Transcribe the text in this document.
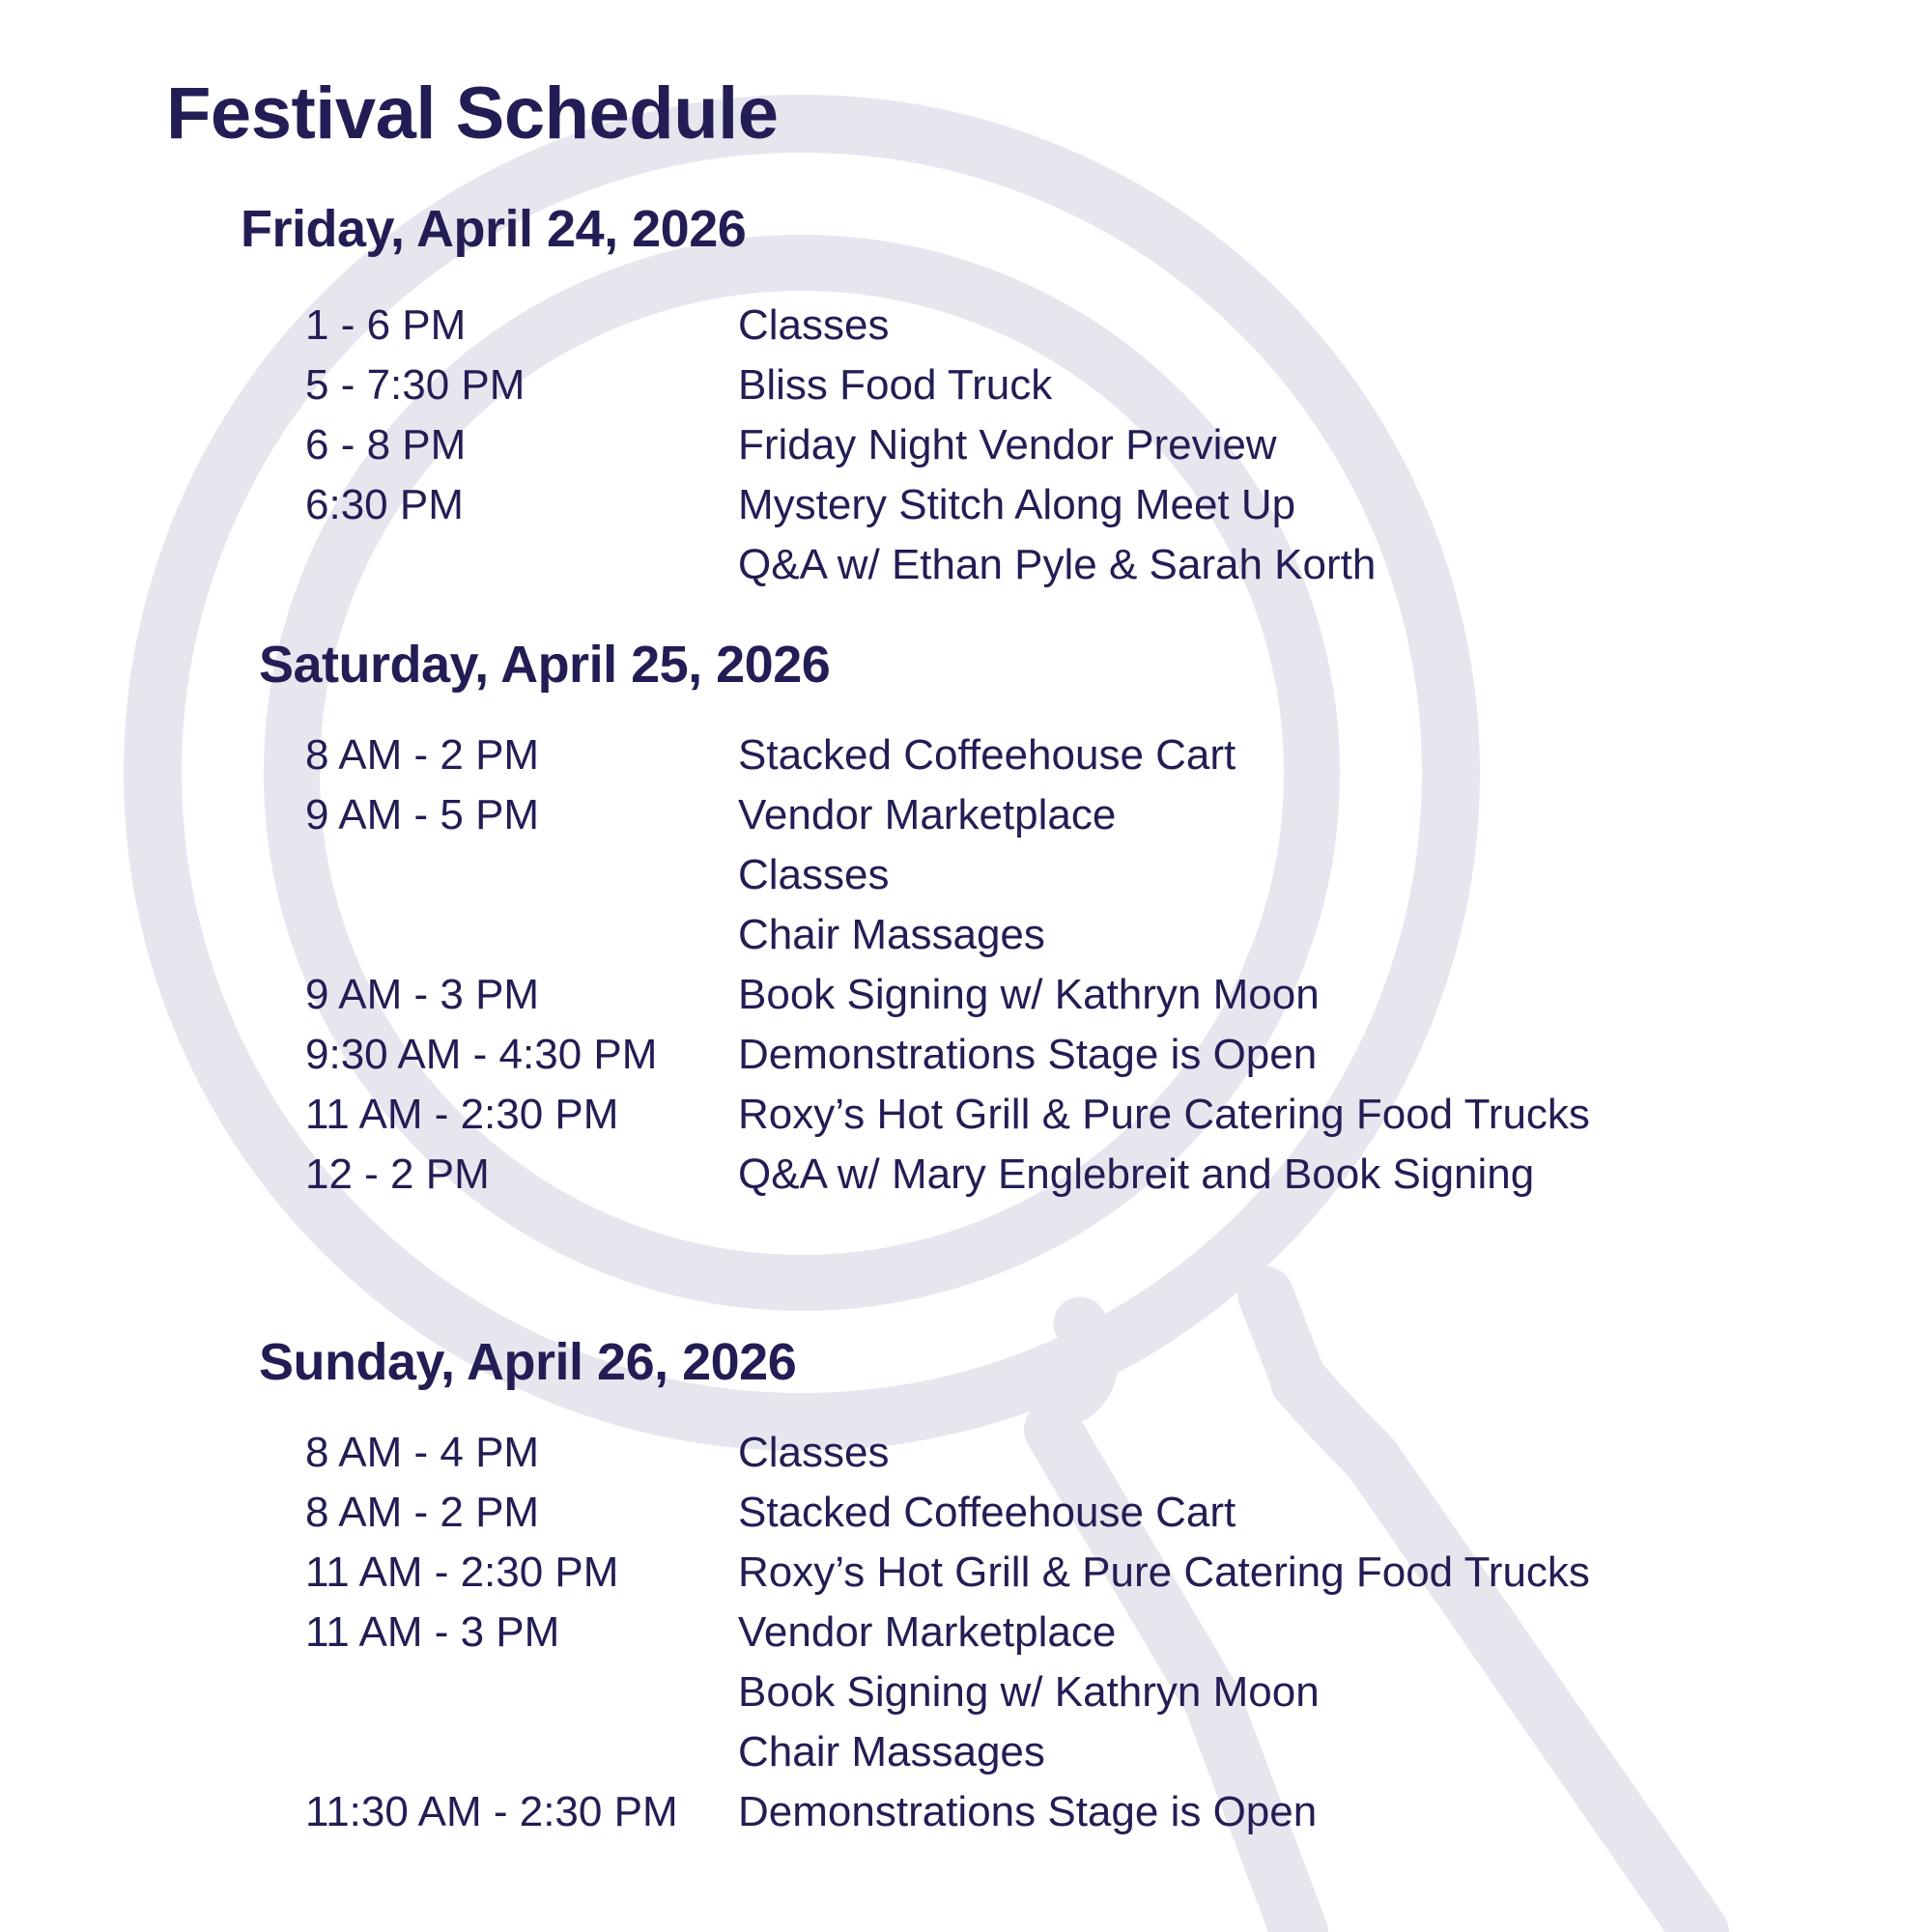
Festival Schedule
Friday, April 24, 2026
1 - 6 PM	Classes
5 - 7:30 PM	Bliss Food Truck
6 - 8 PM	Friday Night Vendor Preview
6:30 PM	Mystery Stitch Along Meet Up
Q&A w/ Ethan Pyle & Sarah Korth
Saturday, April 25, 2026
8 AM - 2 PM	Stacked Coffeehouse Cart
9 AM - 5 PM	Vendor Marketplace
Classes
Chair Massages
9 AM - 3 PM	Book Signing w/ Kathryn Moon
9:30 AM - 4:30 PM Demonstrations Stage is Open
11 AM - 2:30 PM	Roxy’s Hot Grill & Pure Catering Food Trucks
12 - 2 PM	Q&A w/ Mary Englebreit and Book Signing
Sunday, April 26, 2026
8 AM - 4 PM	Classes
8 AM - 2 PM	Stacked Coffeehouse Cart
11 AM - 2:30 PM	Roxy’s Hot Grill & Pure Catering Food Trucks
11 AM - 3 PM	Vendor Marketplace
Book Signing w/ Kathryn Moon
Chair Massages
11:30 AM - 2:30 PM Demonstrations Stage is Open
